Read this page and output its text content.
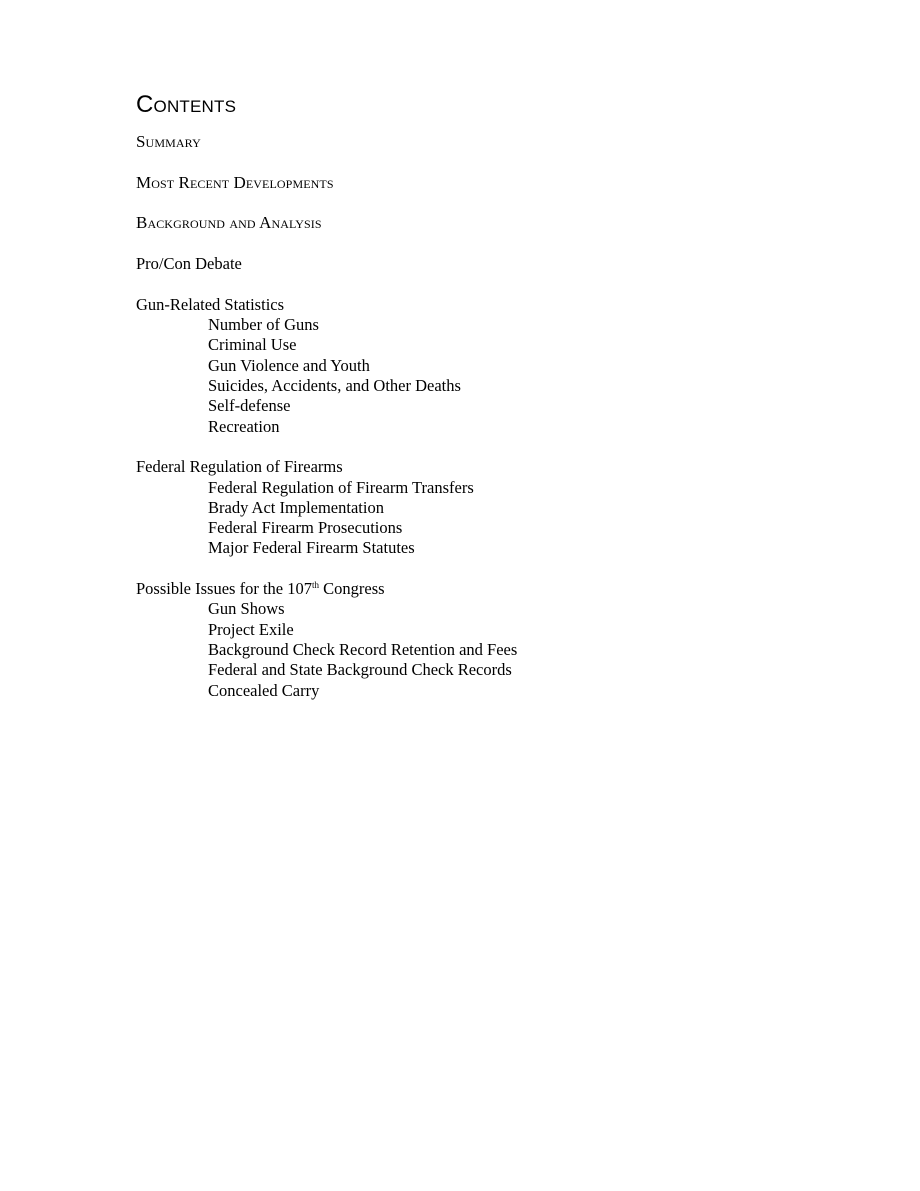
Contents
Summary
Most Recent Developments
Background and Analysis
Pro/Con Debate
Gun-Related Statistics
Number of Guns
Criminal Use
Gun Violence and Youth
Suicides, Accidents, and Other Deaths
Self-defense
Recreation
Federal Regulation of Firearms
Federal Regulation of Firearm Transfers
Brady Act Implementation
Federal Firearm Prosecutions
Major Federal Firearm Statutes
Possible Issues for the 107th Congress
Gun Shows
Project Exile
Background Check Record Retention and Fees
Federal and State Background Check Records
Concealed Carry
